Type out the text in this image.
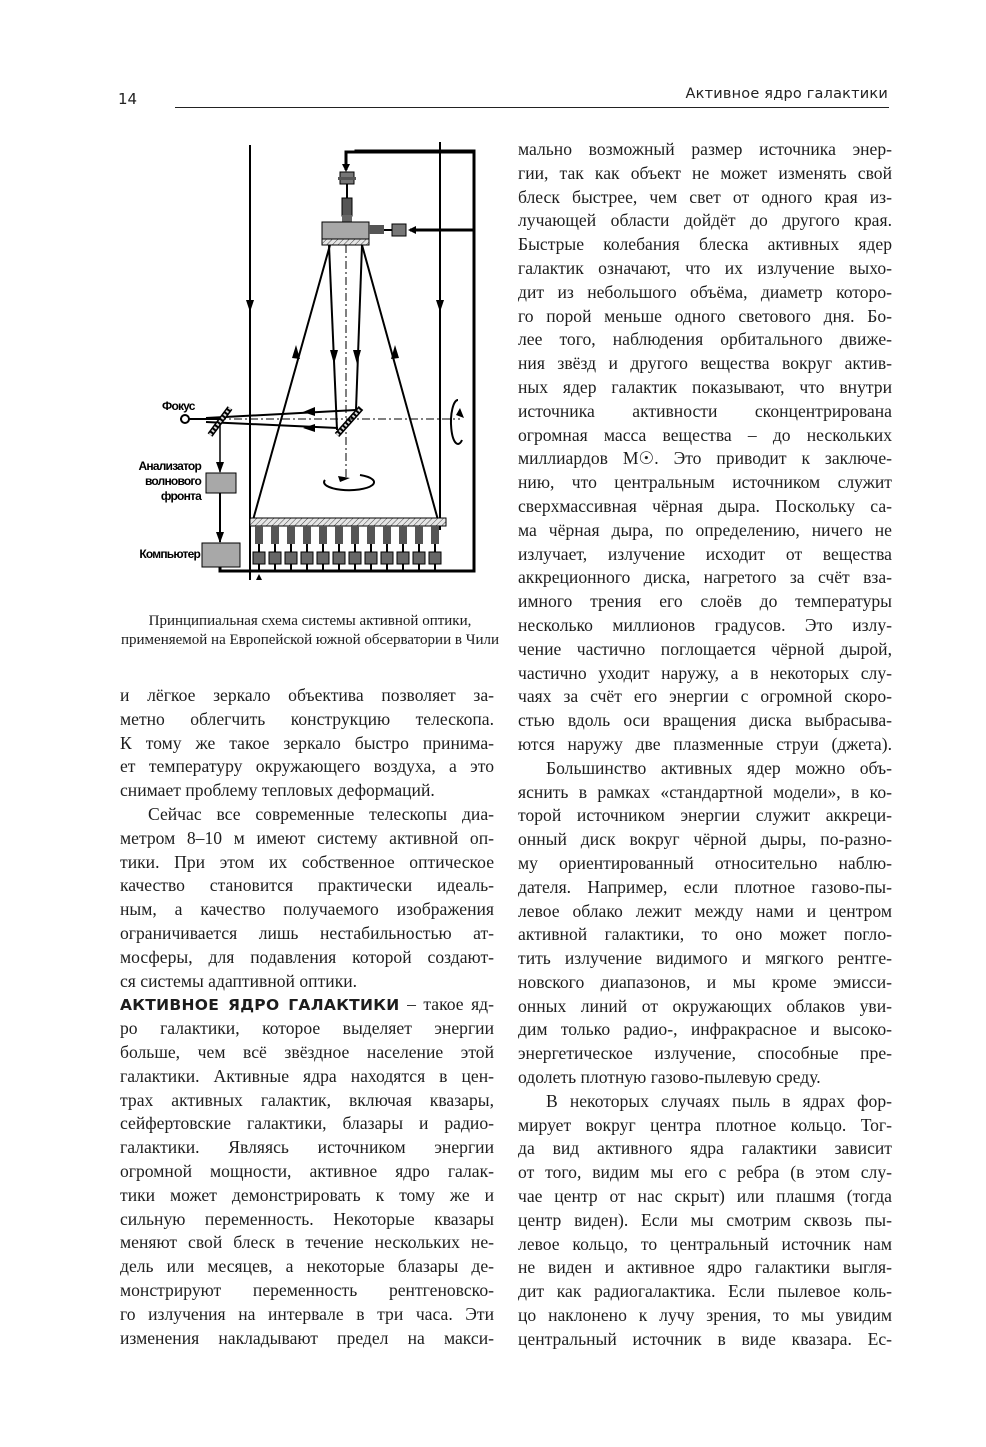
14	Активное ядро галактики
Фокус
Анализатор
волнового
фронта
Компьютер
Принципиальная схема системы активной оптики, применяемой на Европейской южной обсерватории в Чили
и лёгкое зеркало объектива позволяет за-
метно облегчить конструкцию телескопа.
К тому же такое зеркало быстро принима-
ет температуру окружающего воздуха, а это
снимает проблему тепловых деформаций.
Сейчас все современные телескопы диа-
метром 8–10 м имеют систему активной оп-
тики. При этом их собственное оптическое
качество становится практически идеаль-
ным, а качество получаемого изображения
ограничивается лишь нестабильностью ат-
мосферы, для подавления которой создают-
ся системы адаптивной оптики.
АКТИВНОЕ ЯДРО ГАЛАКТИКИ – такое яд-
ро галактики, которое выделяет энергии
больше, чем всё звёздное население этой
галактики. Активные ядра находятся в цен-
трах активных галактик, включая квазары,
сейфертовские галактики, блазары и радио-
галактики. Являясь источником энергии
огромной мощности, активное ядро галак-
тики может демонстрировать к тому же и
сильную переменность. Некоторые квазары
меняют свой блеск в течение нескольких не-
дель или месяцев, а некоторые блазары де-
монстрируют переменность рентгеновско-
го излучения на интервале в три часа. Эти
изменения накладывают предел на макси-
мально возможный размер источника энер-
гии, так как объект не может изменять свой
блеск быстрее, чем свет от одного края из-
лучающей области дойдёт до другого края.
Быстрые колебания блеска активных ядер
галактик означают, что их излучение выхо-
дит из небольшого объёма, диаметр которо-
го порой меньше одного светового дня. Бо-
лее того, наблюдения орбитального движе-
ния звёзд и другого вещества вокруг актив-
ных ядер галактик показывают, что внутри
источника активности сконцентрирована
огромная масса вещества – до нескольких
миллиардов M☉. Это приводит к заключе-
нию, что центральным источником служит
сверхмассивная чёрная дыра. Поскольку са-
ма чёрная дыра, по определению, ничего не
излучает, излучение исходит от вещества
аккреционного диска, нагретого за счёт вза-
имного трения его слоёв до температуры
несколько миллионов градусов. Это излу-
чение частично поглощается чёрной дырой,
частично уходит наружу, а в некоторых слу-
чаях за счёт его энергии с огромной скоро-
стью вдоль оси вращения диска выбрасыва-
ются наружу две плазменные струи (джета).
Большинство активных ядер можно объ-
яснить в рамках «стандартной модели», в ко-
торой источником энергии служит аккреци-
онный диск вокруг чёрной дыры, по-разно-
му ориентированный относительно наблю-
дателя. Например, если плотное газово-пы-
левое облако лежит между нами и центром
активной галактики, то оно может погло-
тить излучение видимого и мягкого рентге-
новского диапазонов, и мы кроме эмисси-
онных линий от окружающих облаков уви-
дим только радио-, инфракрасное и высоко-
энергетическое излучение, способные пре-
одолеть плотную газово-пылевую среду.
В некоторых случаях пыль в ядрах фор-
мирует вокруг центра плотное кольцо. Тог-
да вид активного ядра галактики зависит
от того, видим мы его с ребра (в этом слу-
чае центр от нас скрыт) или плашмя (тогда
центр виден). Если мы смотрим сквозь пы-
левое кольцо, то центральный источник нам
не виден и активное ядро галактики выгля-
дит как радиогалактика. Если пылевое коль-
цо наклонено к лучу зрения, то мы увидим
центральный источник в виде квазара. Ес-
